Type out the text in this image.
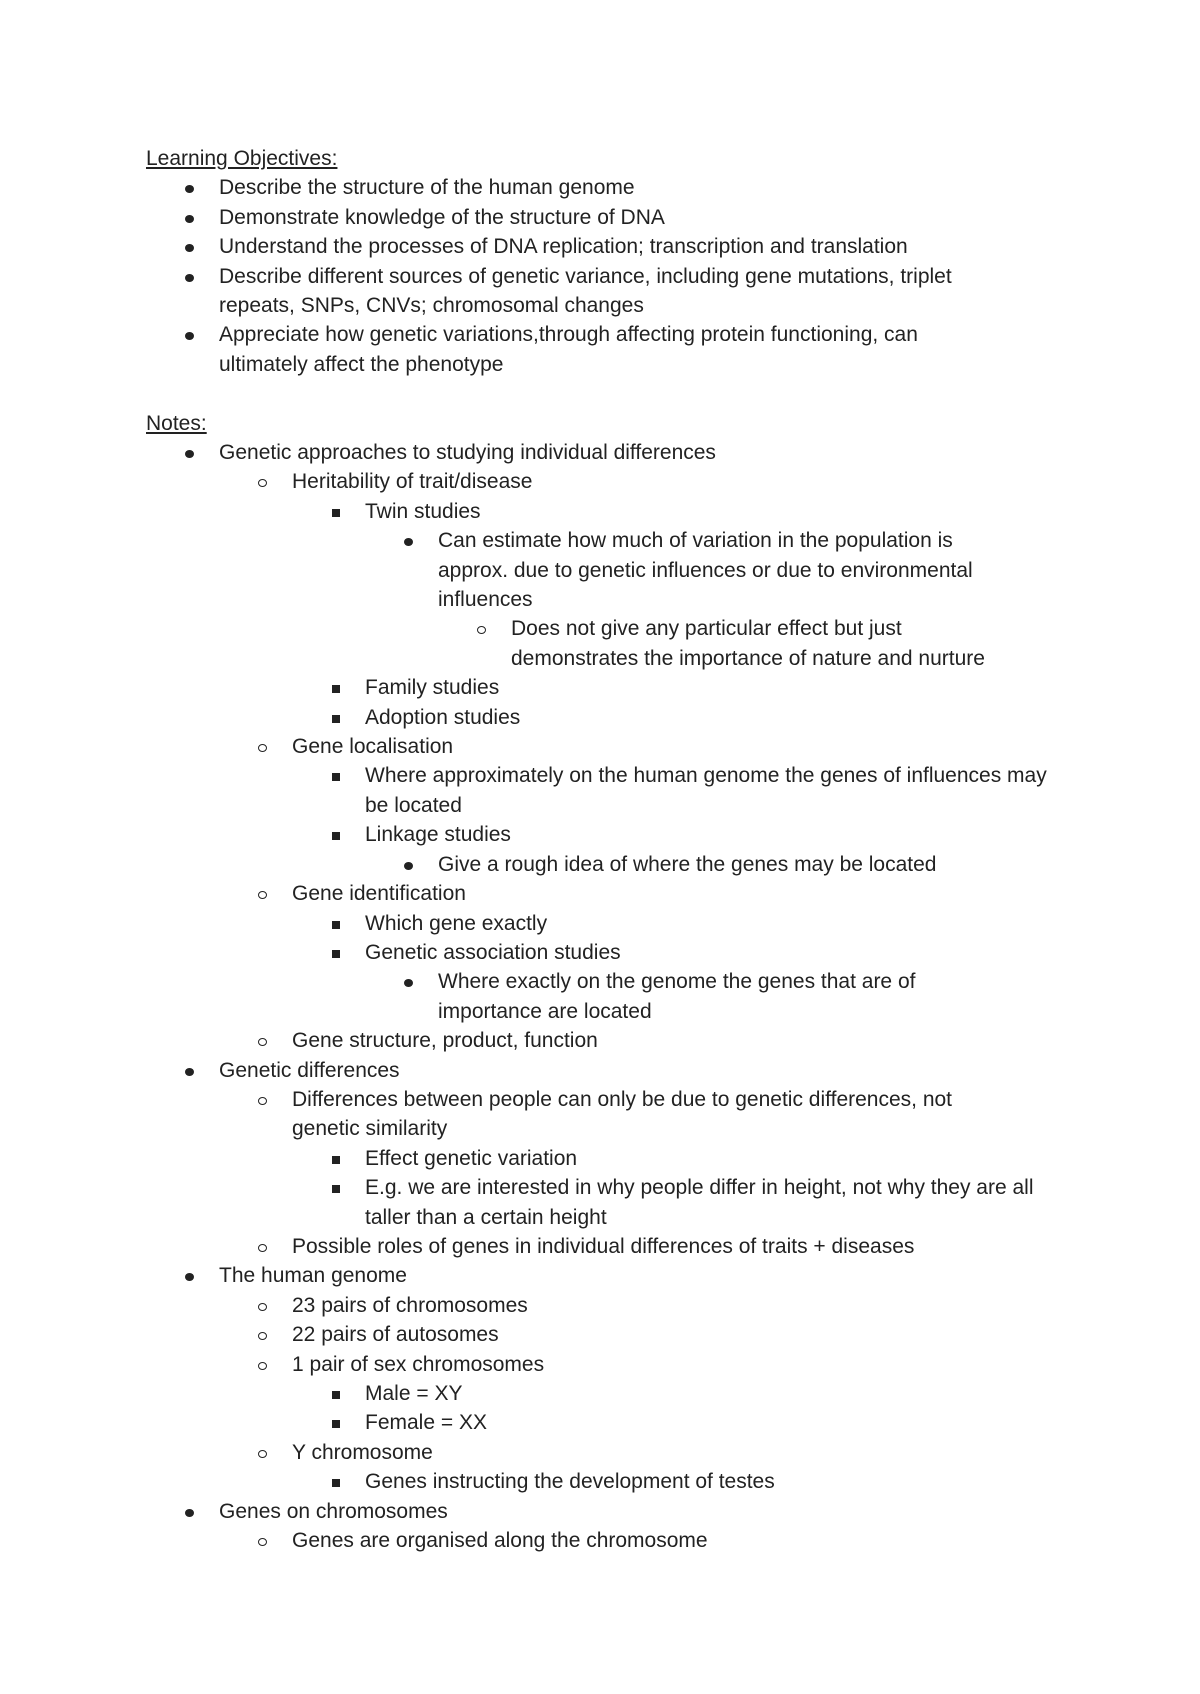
Learning Objectives:
Describe the structure of the human genome
Demonstrate knowledge of the structure of DNA
Understand the processes of DNA replication; transcription and translation
Describe different sources of genetic variance, including gene mutations, triplet repeats, SNPs, CNVs; chromosomal changes
Appreciate how genetic variations,through affecting protein functioning, can ultimately affect the phenotype
Notes:
Genetic approaches to studying individual differences
Heritability of trait/disease
Twin studies
Can estimate how much of variation in the population is approx. due to genetic influences or due to environmental influences
Does not give any particular effect but just demonstrates the importance of nature and nurture
Family studies
Adoption studies
Gene localisation
Where approximately on the human genome the genes of influences may be located
Linkage studies
Give a rough idea of where the genes may be located
Gene identification
Which gene exactly
Genetic association studies
Where exactly on the genome the genes that are of importance are located
Gene structure, product, function
Genetic differences
Differences between people can only be due to genetic differences, not genetic similarity
Effect genetic variation
E.g. we are interested in why people differ in height, not why they are all taller than a certain height
Possible roles of genes in individual differences of traits + diseases
The human genome
23 pairs of chromosomes
22 pairs of autosomes
1 pair of sex chromosomes
Male = XY
Female = XX
Y chromosome
Genes instructing the development of testes
Genes on chromosomes
Genes are organised along the chromosome
